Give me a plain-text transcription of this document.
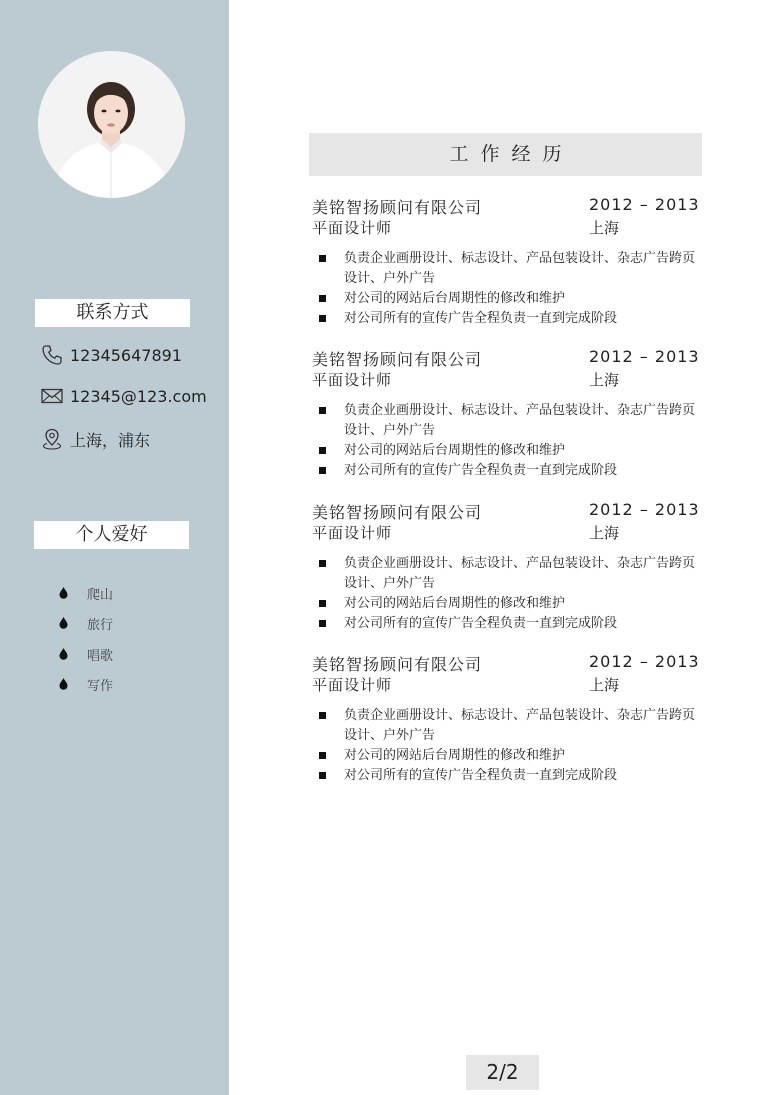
联系方式
12345647891
12345@123.com
上海，浦东
个人爱好
爬山
旅行
唱歌
写作
工作经历
美铭智扬顾问有限公司	2012 – 2013
平面设计师	上海
负责企业画册设计、标志设计、产品包装设计、杂志广告跨页设计、户外广告
对公司的网站后台周期性的修改和维护
对公司所有的宣传广告全程负责一直到完成阶段
美铭智扬顾问有限公司	2012 – 2013
平面设计师	上海
负责企业画册设计、标志设计、产品包装设计、杂志广告跨页设计、户外广告
对公司的网站后台周期性的修改和维护
对公司所有的宣传广告全程负责一直到完成阶段
美铭智扬顾问有限公司	2012 – 2013
平面设计师	上海
负责企业画册设计、标志设计、产品包装设计、杂志广告跨页设计、户外广告
对公司的网站后台周期性的修改和维护
对公司所有的宣传广告全程负责一直到完成阶段
美铭智扬顾问有限公司	2012 – 2013
平面设计师	上海
负责企业画册设计、标志设计、产品包装设计、杂志广告跨页设计、户外广告
对公司的网站后台周期性的修改和维护
对公司所有的宣传广告全程负责一直到完成阶段
2/2
